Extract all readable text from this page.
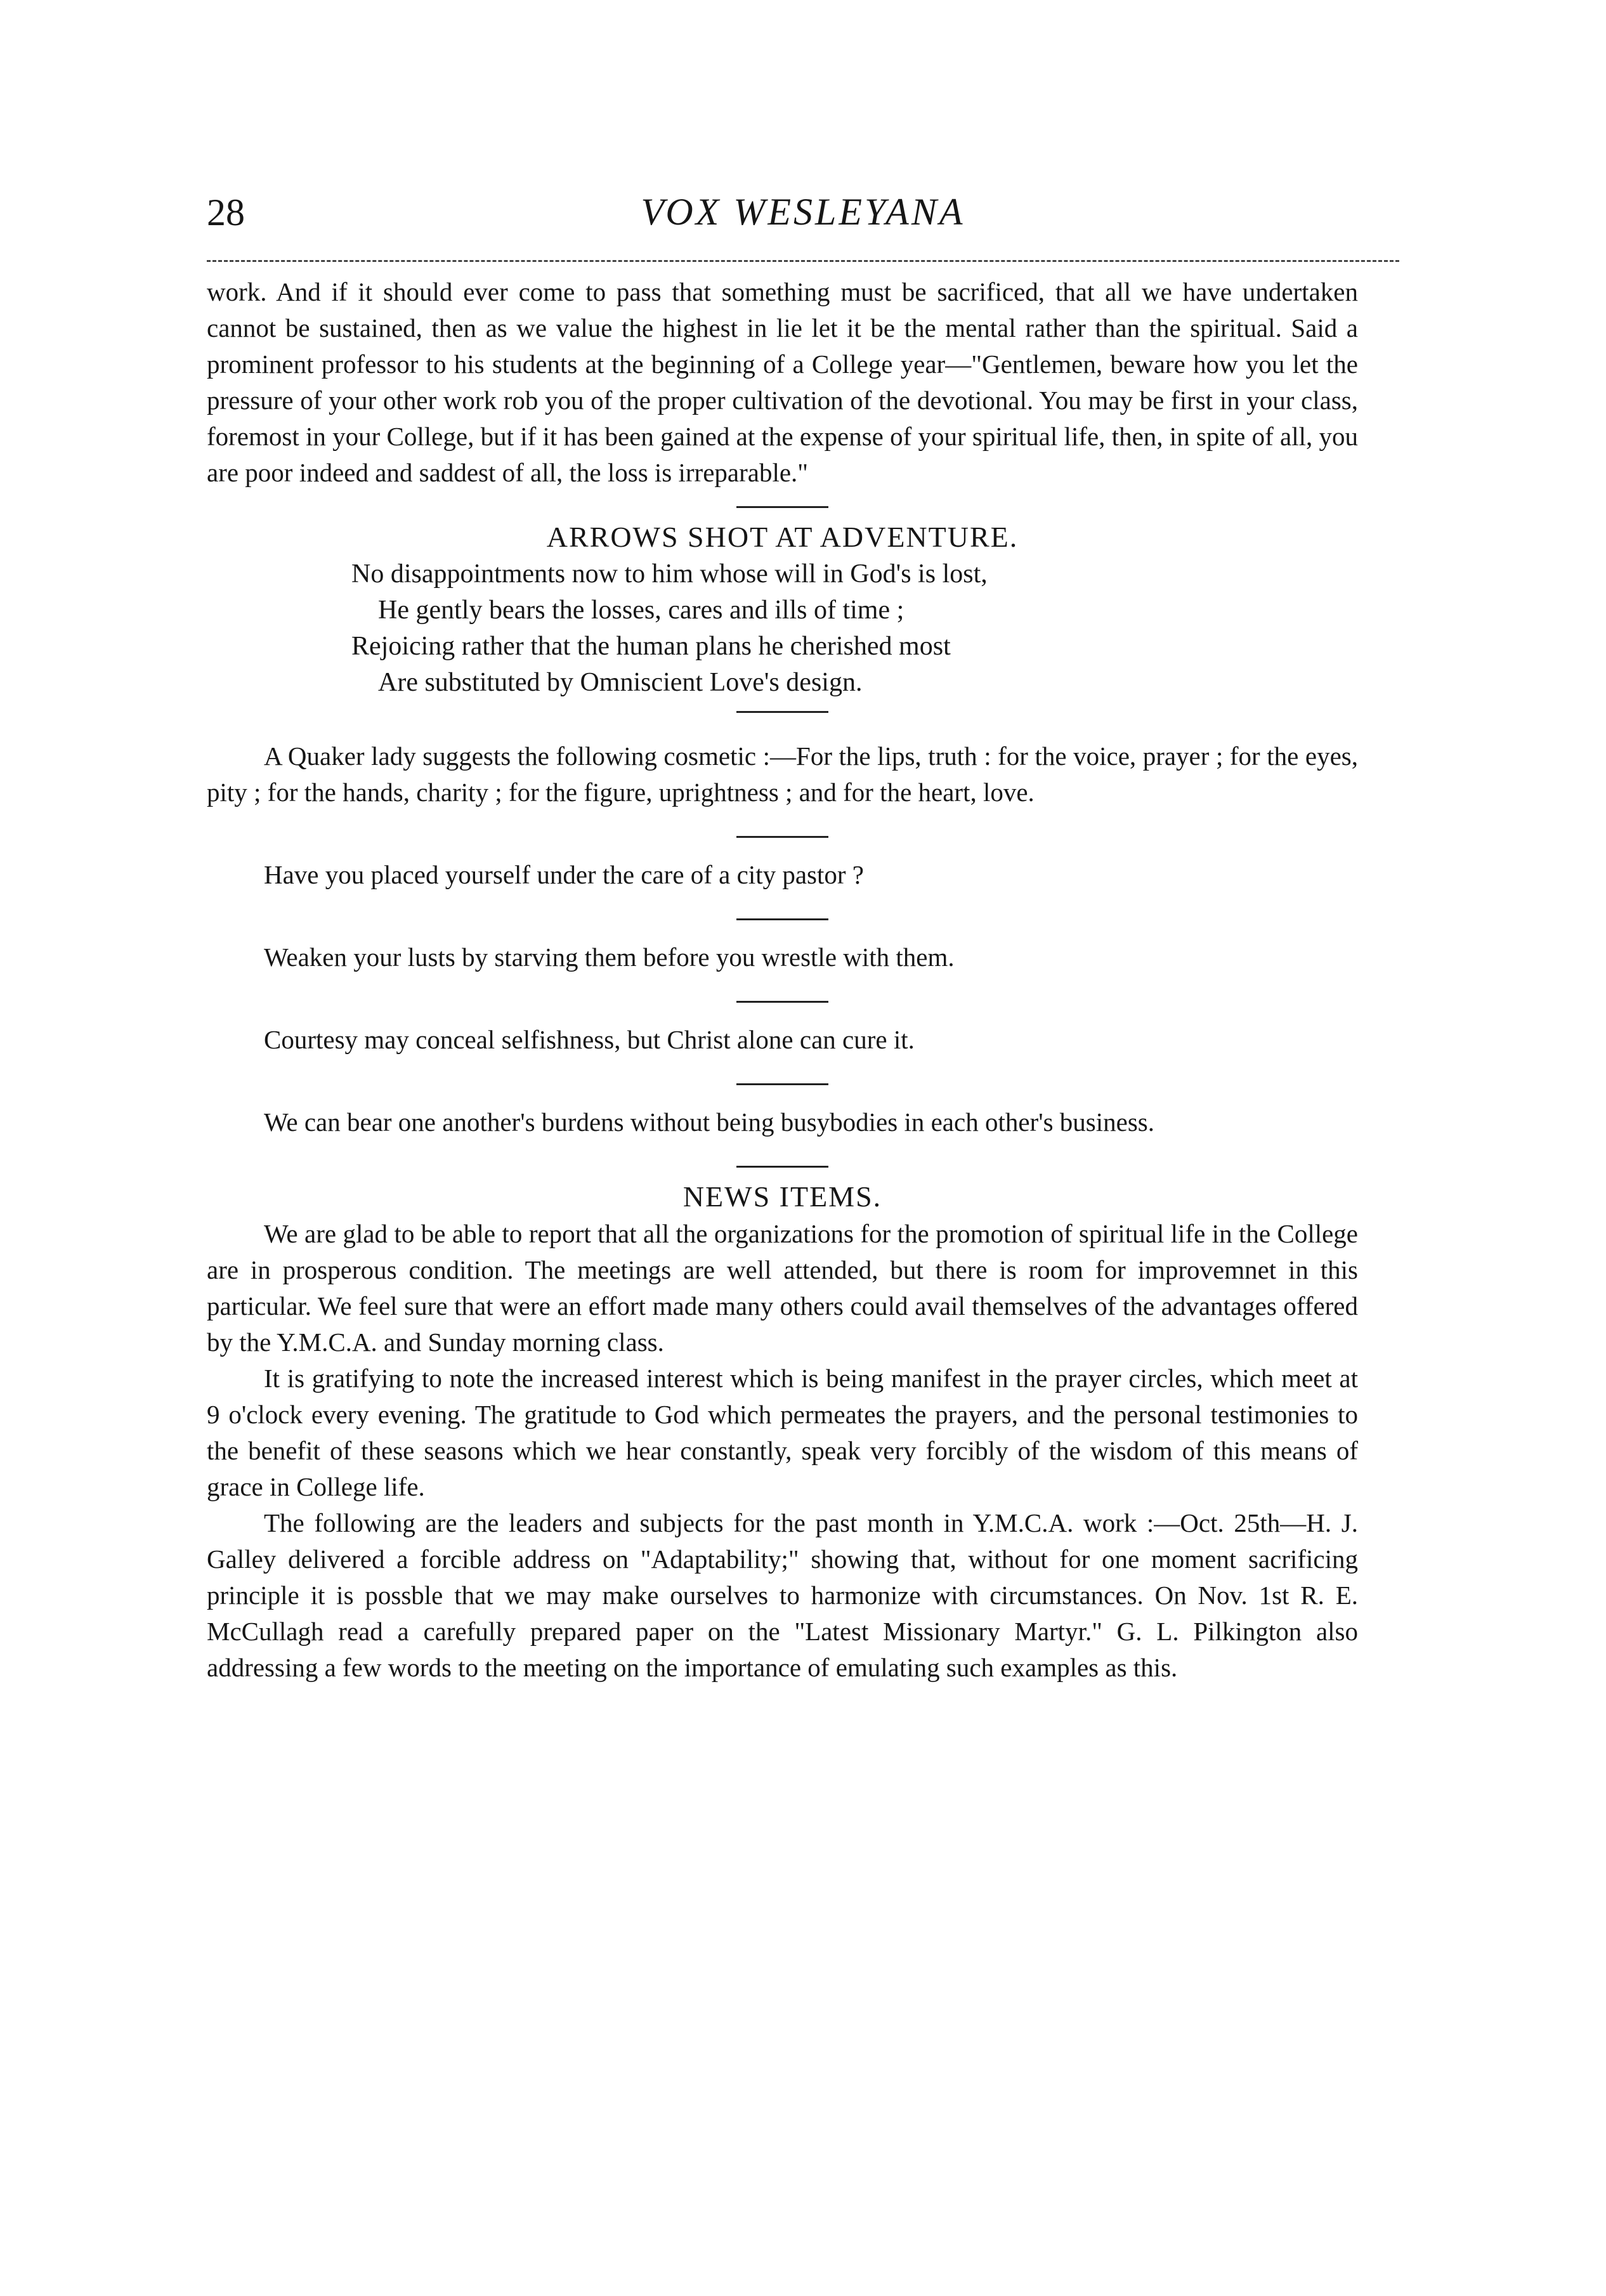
28	VOX WESLEYANA

work. And if it should ever come to pass that something must be sacrificed, that all we have undertaken cannot be sustained, then as we value the highest in lie let it be the mental rather than the spiritual. Said a prominent professor to his students at the beginning of a College year—"Gentlemen, beware how you let the pressure of your other work rob you of the proper cultivation of the devotional. You may be first in your class, foremost in your College, but if it has been gained at the expense of your spiritual life, then, in spite of all, you are poor indeed and saddest of all, the loss is irreparable."

ARROWS SHOT AT ADVENTURE.
No disappointments now to him whose will in God's is lost,
He gently bears the losses, cares and ills of time ;
Rejoicing rather that the human plans he cherished most
Are substituted by Omniscient Love's design.

A Quaker lady suggests the following cosmetic :—For the lips, truth : for the voice, prayer ; for the eyes, pity ; for the hands, charity ; for the figure, uprightness ; and for the heart, love.

Have you placed yourself under the care of a city pastor ?

Weaken your lusts by starving them before you wrestle with them.

Courtesy may conceal selfishness, but Christ alone can cure it.

We can bear one another's burdens without being busybodies in each other's business.

NEWS ITEMS.

We are glad to be able to report that all the organizations for the promotion of spiritual life in the College are in prosperous condition. The meetings are well attended, but there is room for improvemnet in this particular. We feel sure that were an effort made many others could avail themselves of the advantages offered by the Y.M.C.A. and Sunday morning class.

It is gratifying to note the increased interest which is being manifest in the prayer circles, which meet at 9 o'clock every evening. The gratitude to God which permeates the prayers, and the personal testimonies to the benefit of these seasons which we hear constantly, speak very forcibly of the wisdom of this means of grace in College life.

The following are the leaders and subjects for the past month in Y.M.C.A. work :—Oct. 25th—H. J. Galley delivered a forcible address on "Adaptability;" showing that, without for one moment sacrificing principle it is possble that we may make ourselves to harmonize with circumstances. On Nov. 1st R. E. McCullagh read a carefully prepared paper on the "Latest Missionary Martyr." G. L. Pilkington also addressing a few words to the meeting on the importance of emulating such examples as this.
